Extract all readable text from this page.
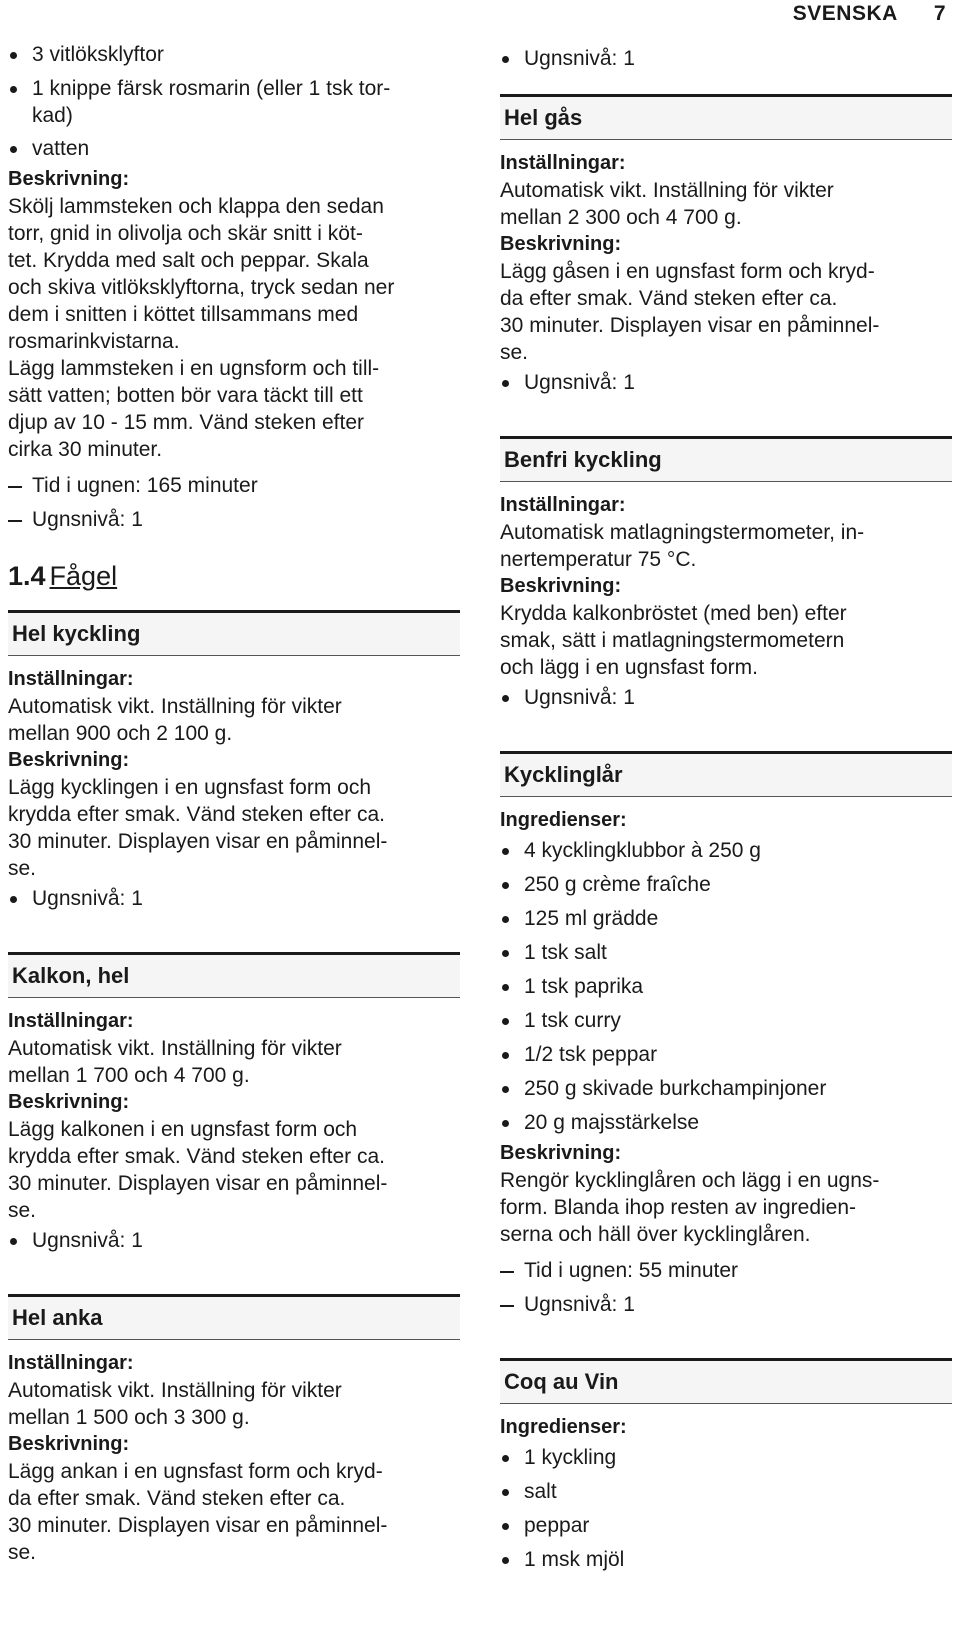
SVENSKA 7
3 vitlöksklyftor
1 knippe färsk rosmarin (eller 1 tsk tor-
kad)
vatten
Beskrivning:
Skölj lammsteken och klappa den sedan
torr, gnid in olivolja och skär snitt i köt-
tet. Krydda med salt och peppar. Skala
och skiva vitlöksklyftorna, tryck sedan ner
dem i snitten i köttet tillsammans med
rosmarinkvistarna.
Lägg lammsteken i en ugnsform och till-
sätt vatten; botten bör vara täckt till ett
djup av 10 - 15 mm. Vänd steken efter
cirka 30 minuter.
Tid i ugnen: 165 minuter
Ugnsnivå: 1
1.4 Fågel
Hel kyckling
Inställningar:
Automatisk vikt. Inställning för vikter
mellan 900 och 2 100 g.
Beskrivning:
Lägg kycklingen i en ugnsfast form och
krydda efter smak. Vänd steken efter ca.
30 minuter. Displayen visar en påminnel-
se.
Ugnsnivå: 1
Kalkon, hel
Inställningar:
Automatisk vikt. Inställning för vikter
mellan 1 700 och 4 700 g.
Beskrivning:
Lägg kalkonen i en ugnsfast form och
krydda efter smak. Vänd steken efter ca.
30 minuter. Displayen visar en påminnel-
se.
Ugnsnivå: 1
Hel anka
Inställningar:
Automatisk vikt. Inställning för vikter
mellan 1 500 och 3 300 g.
Beskrivning:
Lägg ankan i en ugnsfast form och kryd-
da efter smak. Vänd steken efter ca.
30 minuter. Displayen visar en påminnel-
se.
Ugnsnivå: 1
Hel gås
Inställningar:
Automatisk vikt. Inställning för vikter
mellan 2 300 och 4 700 g.
Beskrivning:
Lägg gåsen i en ugnsfast form och kryd-
da efter smak. Vänd steken efter ca.
30 minuter. Displayen visar en påminnel-
se.
Ugnsnivå: 1
Benfri kyckling
Inställningar:
Automatisk matlagningstermometer, in-
nertemperatur 75 °C.
Beskrivning:
Krydda kalkonbröstet (med ben) efter
smak, sätt i matlagningstermometern
och lägg i en ugnsfast form.
Ugnsnivå: 1
Kycklinglår
Ingredienser:
4 kycklingklubbor à 250 g
250 g crème fraîche
125 ml grädde
1 tsk salt
1 tsk paprika
1 tsk curry
1/2 tsk peppar
250 g skivade burkchampinjoner
20 g majsstärkelse
Beskrivning:
Rengör kycklinglåren och lägg i en ugns-
form. Blanda ihop resten av ingredien-
serna och häll över kycklinglåren.
Tid i ugnen: 55 minuter
Ugnsnivå: 1
Coq au Vin
Ingredienser:
1 kyckling
salt
peppar
1 msk mjöl
